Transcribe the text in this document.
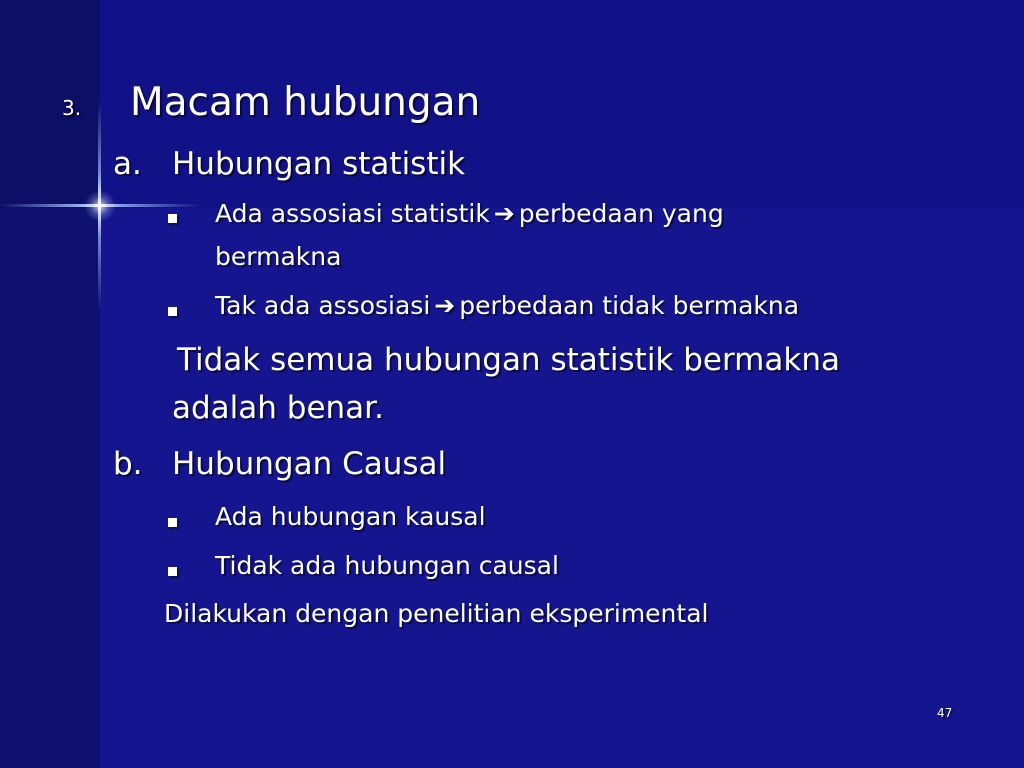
3. Macam hubungan
a. Hubungan statistik
Ada assosiasi statistik ➔ perbedaan yang
bermakna
Tak ada assosiasi ➔ perbedaan tidak bermakna
Tidak semua hubungan statistik bermakna
adalah benar.
b. Hubungan Causal
Ada hubungan kausal
Tidak ada hubungan causal
Dilakukan dengan penelitian eksperimental
47
